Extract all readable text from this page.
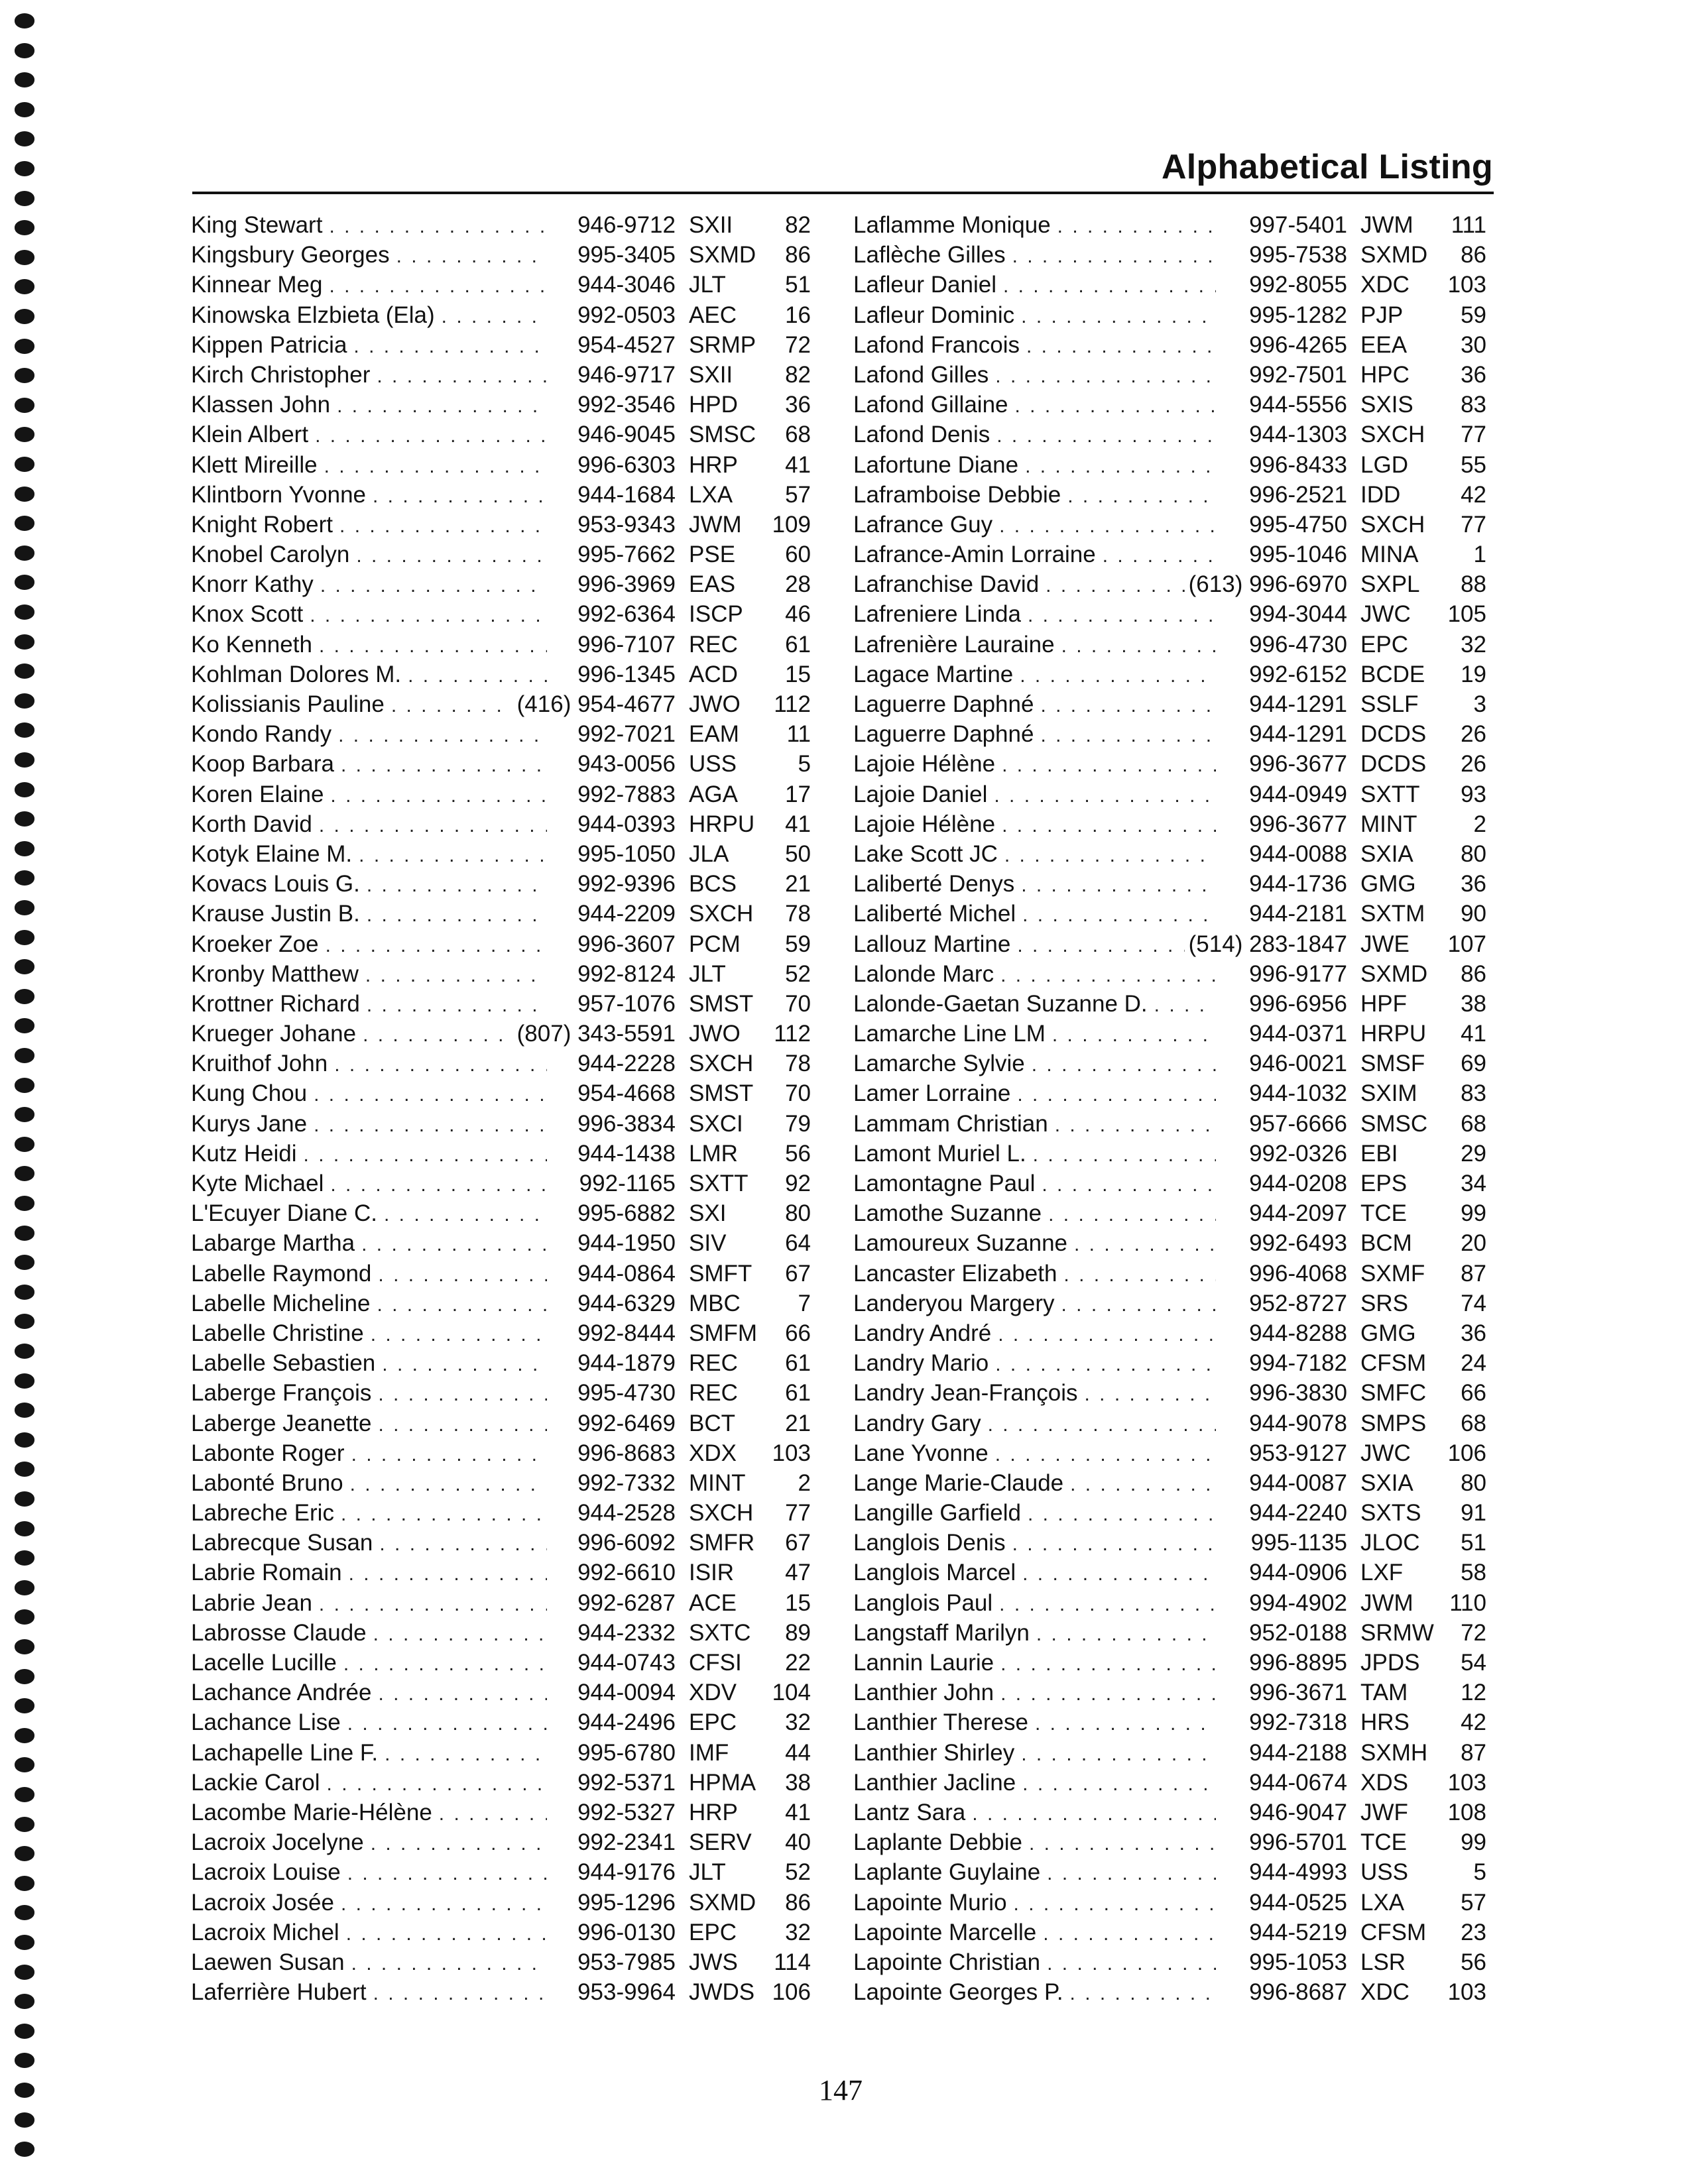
Alphabetical Listing
King Stewart . . .	946-9712 SXII	82
Kingsbury Georges . . .	995-3405 SXMD	86
Kinnear Meg . . .	944-3046 JLT	51
Kinowska Elzbieta (Ela) . . .	992-0503 AEC	16
Kippen Patricia . . .	954-4527 SRMP	72
Kirch Christopher . . .	946-9717 SXII	82
Klassen John . . .	992-3546 HPD	36
Klein Albert . . .	946-9045 SMSC	68
Klett Mireille . . .	996-6303 HRP	41
Klintborn Yvonne . . .	944-1684 LXA	57
Knight Robert . . .	953-9343 JWM	109
Knobel Carolyn . . .	995-7662 PSE	60
Knorr Kathy . . .	996-3969 EAS	28
Knox Scott . . .	992-6364 ISCP	46
Ko Kenneth . . .	996-7107 REC	61
Kohlman Dolores M. . . .	996-1345 ACD	15
Kolissianis Pauline . . .	(416) 954-4677 JWO	112
Kondo Randy . . .	992-7021 EAM	11
Koop Barbara . . .	943-0056 USS	5
Koren Elaine . . .	992-7883 AGA	17
Korth David . . .	944-0393 HRPU	41
Kotyk Elaine M. . . .	995-1050 JLA	50
Kovacs Louis G. . . .	992-9396 BCS	21
Krause Justin B. . . .	944-2209 SXCH	78
Kroeker Zoe . . .	996-3607 PCM	59
Kronby Matthew . . .	992-8124 JLT	52
Krottner Richard . . .	957-1076 SMST	70
Krueger Johane . . .	(807) 343-5591 JWO	112
Kruithof John . . .	944-2228 SXCH	78
Kung Chou . . .	954-4668 SMST	70
Kurys Jane . . .	996-3834 SXCI	79
Kutz Heidi . . .	944-1438 LMR	56
Kyte Michael . . .	992-1165 SXTT	92
L'Ecuyer Diane C. . . .	995-6882 SXI	80
Labarge Martha . . .	944-1950 SIV	64
Labelle Raymond . . .	944-0864 SMFT	67
Labelle Micheline . . .	944-6329 MBC	7
Labelle Christine . . .	992-8444 SMFM	66
Labelle Sebastien . . .	944-1879 REC	61
Laberge François . . .	995-4730 REC	61
Laberge Jeanette . . .	992-6469 BCT	21
Labonte Roger . . .	996-8683 XDX	103
Labonté Bruno . . .	992-7332 MINT	2
Labreche Eric . . .	944-2528 SXCH	77
Labrecque Susan . . .	996-6092 SMFR	67
Labrie Romain . . .	992-6610 ISIR	47
Labrie Jean . . .	992-6287 ACE	15
Labrosse Claude . . .	944-2332 SXTC	89
Lacelle Lucille . . .	944-0743 CFSI	22
Lachance Andrée . . .	944-0094 XDV	104
Lachance Lise . . .	944-2496 EPC	32
Lachapelle Line F. . . .	995-6780 IMF	44
Lackie Carol . . .	992-5371 HPMA	38
Lacombe Marie-Hélène . . .	992-5327 HRP	41
Lacroix Jocelyne . . .	992-2341 SERV	40
Lacroix Louise . . .	944-9176 JLT	52
Lacroix Josée . . .	995-1296 SXMD	86
Lacroix Michel . . .	996-0130 EPC	32
Laewen Susan . . .	953-7985 JWS	114
Laferrière Hubert . . .	953-9964 JWDS 106
Laflamme Monique . . .	997-5401 JWM	111
Laflèche Gilles . . .	995-7538 SXMD	86
Lafleur Daniel . . .	992-8055 XDC	103
Lafleur Dominic . . .	995-1282 PJP	59
Lafond Francois . . .	996-4265 EEA	30
Lafond Gilles . . .	992-7501 HPC	36
Lafond Gillaine . . .	944-5556 SXIS	83
Lafond Denis . . .	944-1303 SXCH	77
Lafortune Diane . . .	996-8433 LGD	55
Laframboise Debbie . . .	996-2521 IDD	42
Lafrance Guy . . .	995-4750 SXCH	77
Lafrance-Amin Lorraine . . .	995-1046 MINA	1
Lafranchise David . . .	(613) 996-6970 SXPL	88
Lafreniere Linda . . .	994-3044 JWC	105
Lafrenière Lauraine . . .	996-4730 EPC	32
Lagace Martine . . .	992-6152 BCDE	19
Laguerre Daphné . . .	944-1291 SSLF	3
Laguerre Daphné . . .	944-1291 DCDS	26
Lajoie Hélène . . .	996-3677 DCDS	26
Lajoie Daniel . . .	944-0949 SXTT	93
Lajoie Hélène . . .	996-3677 MINT	2
Lake Scott JC . . .	944-0088 SXIA	80
Laliberté Denys . . .	944-1736 GMG	36
Laliberté Michel . . .	944-2181 SXTM	90
Lallouz Martine . . .	(514) 283-1847 JWE	107
Lalonde Marc . . .	996-9177 SXMD	86
Lalonde-Gaetan Suzanne D. . . .	996-6956 HPF	38
Lamarche Line LM . . .	944-0371 HRPU	41
Lamarche Sylvie . . .	946-0021 SMSF	69
Lamer Lorraine . . .	944-1032 SXIM	83
Lammam Christian . . .	957-6666 SMSC	68
Lamont Muriel L. . . .	992-0326 EBI	29
Lamontagne Paul . . .	944-0208 EPS	34
Lamothe Suzanne . . .	944-2097 TCE	99
Lamoureux Suzanne . . .	992-6493 BCM	20
Lancaster Elizabeth . . .	996-4068 SXMF	87
Landeryou Margery . . .	952-8727 SRS	74
Landry André . . .	944-8288 GMG	36
Landry Mario . . .	994-7182 CFSM	24
Landry Jean-François . . .	996-3830 SMFC	66
Landry Gary . . .	944-9078 SMPS	68
Lane Yvonne . . .	953-9127 JWC	106
Lange Marie-Claude . . .	944-0087 SXIA	80
Langille Garfield . . .	944-2240 SXTS	91
Langlois Denis . . .	995-1135 JLOC	51
Langlois Marcel . . .	944-0906 LXF	58
Langlois Paul . . .	994-4902 JWM	110
Langstaff Marilyn . . .	952-0188 SRMW	72
Lannin Laurie . . .	996-8895 JPDS	54
Lanthier John . . .	996-3671 TAM	12
Lanthier Therese . . .	992-7318 HRS	42
Lanthier Shirley . . .	944-2188 SXMH	87
Lanthier Jacline . . .	944-0674 XDS	103
Lantz Sara . . .	946-9047 JWF	108
Laplante Debbie . . .	996-5701 TCE	99
Laplante Guylaine . . .	944-4993 USS	5
Lapointe Murio . . .	944-0525 LXA	57
Lapointe Marcelle . . .	944-5219 CFSM	23
Lapointe Christian . . .	995-1053 LSR	56
Lapointe Georges P. . . .	996-8687 XDC	103
147
